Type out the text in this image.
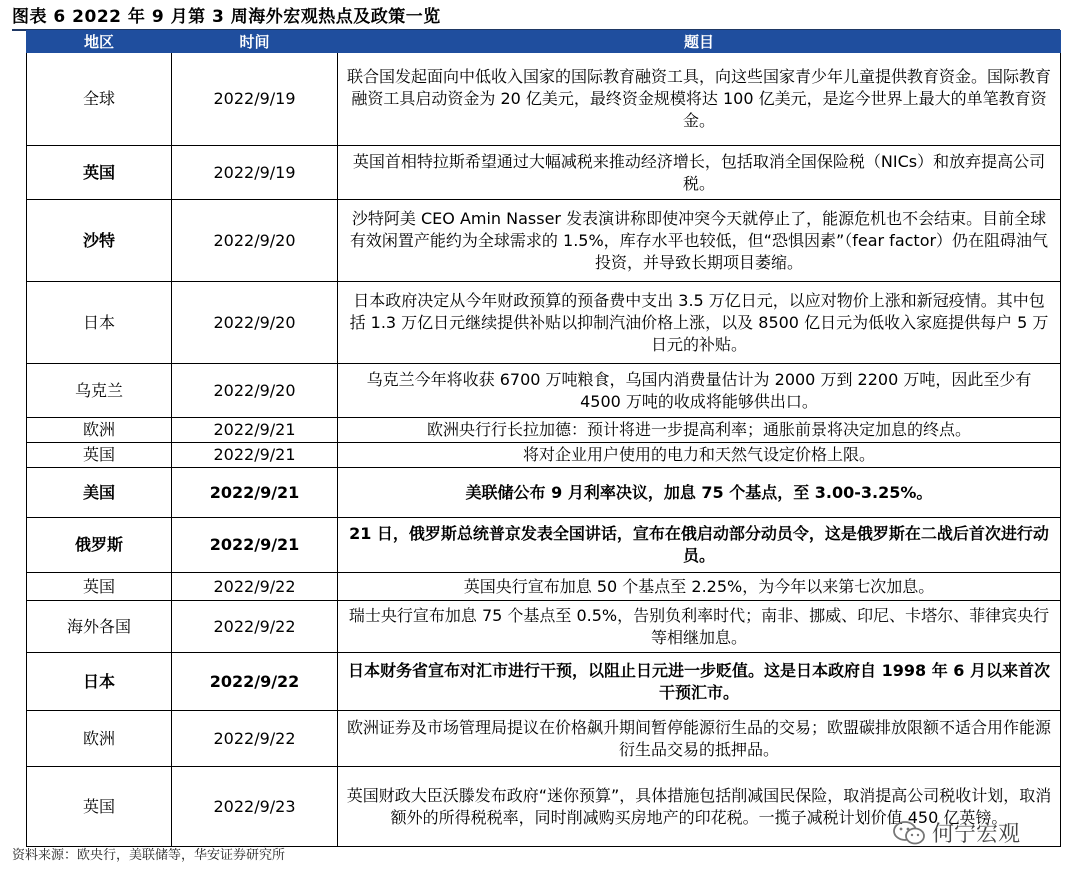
图表 6 2022 年 9 月第 3 周海外宏观热点及政策一览
地区	时间	题目
全球	2022/9/19	联合国发起面向中低收入国家的国际教育融资工具，向这些国家青少年儿童提供教育资金。国际教育融资工具启动资金为 20 亿美元，最终资金规模将达 100 亿美元，是迄今世界上最大的单笔教育资金。
英国	2022/9/19	英国首相特拉斯希望通过大幅减税来推动经济增长，包括取消全国保险税（NICs）和放弃提高公司税。
沙特	2022/9/20	沙特阿美 CEO Amin Nasser 发表演讲称即使冲突今天就停止了，能源危机也不会结束。目前全球有效闲置产能约为全球需求的 1.5%，库存水平也较低，但“恐惧因素”（fear factor）仍在阻碍油气投资，并导致长期项目萎缩。
日本	2022/9/20	日本政府决定从今年财政预算的预备费中支出 3.5 万亿日元，以应对物价上涨和新冠疫情。其中包括 1.3 万亿日元继续提供补贴以抑制汽油价格上涨，以及 8500 亿日元为低收入家庭提供每户 5 万日元的补贴。
乌克兰	2022/9/20	乌克兰今年将收获 6700 万吨粮食，乌国内消费量估计为 2000 万到 2200 万吨，因此至少有 4500 万吨的收成将能够供出口。
欧洲	2022/9/21	欧洲央行行长拉加德：预计将进一步提高利率；通胀前景将决定加息的终点。
英国	2022/9/21	将对企业用户使用的电力和天然气设定价格上限。
美国	2022/9/21	美联储公布 9 月利率决议，加息 75 个基点，至 3.00-3.25%。
俄罗斯	2022/9/21	21 日，俄罗斯总统普京发表全国讲话，宣布在俄启动部分动员令，这是俄罗斯在二战后首次进行动员。
英国	2022/9/22	英国央行宣布加息 50 个基点至 2.25%，为今年以来第七次加息。
海外各国	2022/9/22	瑞士央行宣布加息 75 个基点至 0.5%，告别负利率时代；南非、挪威、印尼、卡塔尔、菲律宾央行等相继加息。
日本	2022/9/22	日本财务省宣布对汇市进行干预，以阻止日元进一步贬值。这是日本政府自 1998 年 6 月以来首次干预汇市。
欧洲	2022/9/22	欧洲证券及市场管理局提议在价格飙升期间暂停能源衍生品的交易；欧盟碳排放限额不适合用作能源衍生品交易的抵押品。
英国	2022/9/23	英国财政大臣沃滕发布政府“迷你预算”，具体措施包括削减国民保险，取消提高公司税收计划，取消额外的所得税税率，同时削减购买房地产的印花税。一揽子减税计划价值 450 亿英镑。
资料来源：欧央行，美联储等，华安证券研究所
何宁宏观
